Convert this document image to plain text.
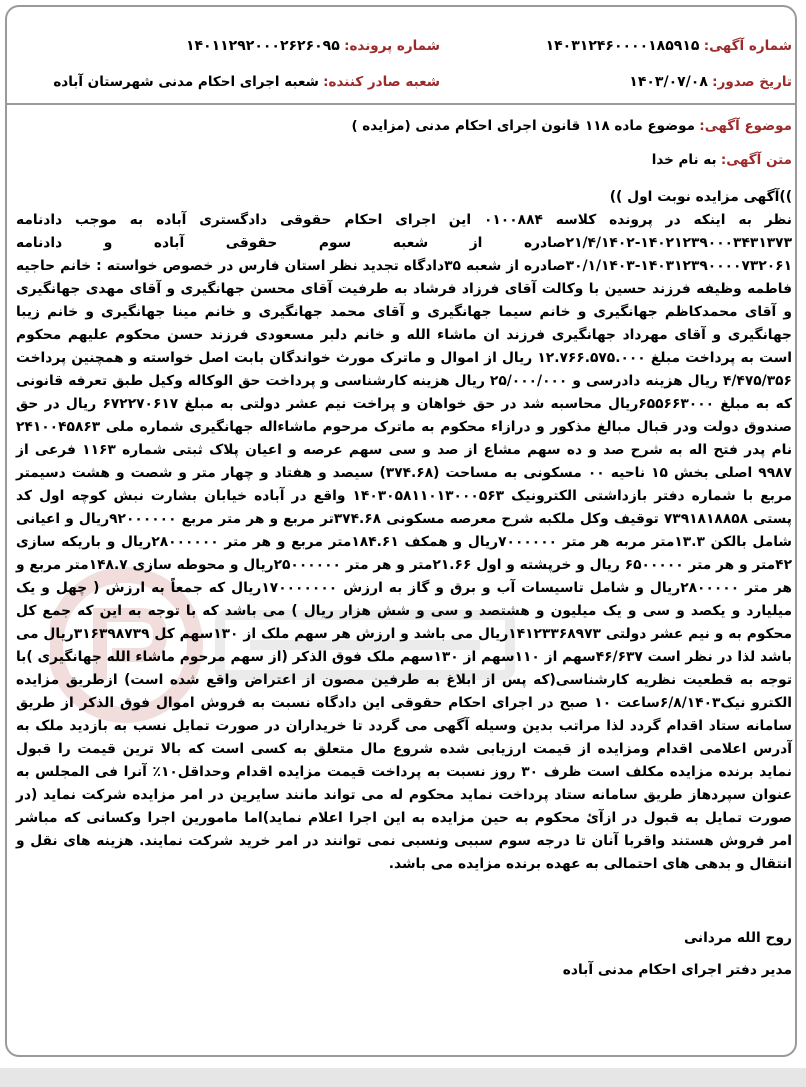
شماره آگهی: ۱۴۰۳۱۲۴۶۰۰۰۰۱۸۵۹۱۵
شماره پرونده: ۱۴۰۱۱۲۹۲۰۰۰۲۶۲۶۰۹۵
تاریخ صدور: ۱۴۰۳/۰۷/۰۸
شعبه صادر کننده: شعبه اجرای احکام مدنی شهرستان آباده
موضوع آگهی: موضوع ماده ۱۱۸ قانون اجرای احکام مدنی (مزایده )
متن آگهی: به نام خدا

))آگهی مزایده نوبت اول ))

نظر به اینکه در پرونده کلاسه ۰۱۰۰۸۸۴ این اجرای احکام حقوقی دادگستری آباده به موجب دادنامه ۱۴۰۲۱۲۳۹۰۰۰۳۴۳۱۳۷۳-۲۱/۴/۱۴۰۲صادره از شعبه سوم حقوقی آباده و دادنامه ۱۴۰۳۱۲۳۹۰۰۰۰۷۳۲۰۶۱-۳۰/۱/۱۴۰۳صادره از شعبه ۳۵دادگاه تجدید نظر استان فارس در خصوص خواسته : خانم حاجیه فاطمه وظیفه فرزند حسین با وکالت آقای فرزاد فرشاد به طرفیت آقای محسن جهانگیری و آقای مهدی جهانگیری و آقای محمدکاظم جهانگیری و خانم سیما جهانگیری و آقای محمد جهانگیری و خانم مینا جهانگیری و خانم زیبا جهانگیری و آقای مهرداد جهانگیری فرزند ان ماشاء الله و خانم دلبر مسعودی فرزند حسن محکوم علیهم محکوم است به پرداخت مبلغ ۱۲.۷۶۶.۵۷۵.۰۰۰ ریال از اموال و ماترک مورث خواندگان بابت اصل خواسته و همچنین پرداخت ۴/۴۷۵/۳۵۶ ریال هزینه دادرسی و ۲۵/۰۰۰/۰۰۰ ریال هزینه کارشناسی و پرداخت حق الوکاله وکیل طبق تعرفه قانونی که به مبلغ ۶۵۵۶۶۳۰۰۰ریال محاسبه شد در حق خواهان و پراخت نیم عشر دولتی به مبلغ ۶۷۲۲۷۰۶۱۷ ریال در حق صندوق دولت ودر قبال مبالغ مذکور و درازاء محکوم به ماترک مرحوم ماشاءاله جهانگیری شماره ملی ۲۴۱۰۰۴۵۸۶۳ نام پدر فتح اله به شرح صد و ده سهم مشاع از صد و سی سهم عرصه و اعیان پلاک ثبتی شماره ۱۱۶۳ فرعی از ۹۹۸۷ اصلی بخش ۱۵ ناحیه ۰۰ مسکونی به مساحت (۳۷۴.۶۸) سیصد و هفتاد و چهار متر و شصت و هشت دسیمتر مربع با شماره دفتر بازداشتی الکترونیک ۱۴۰۳۰۵۸۱۱۰۱۳۰۰۰۵۶۳ واقع در آباده خیابان بشارت نبش کوچه اول کد پستی ۷۳۹۱۸۱۸۸۵۸ توقیف وکل ملکبه شرح معرصه مسکونی ۳۷۴.۶۸تر مربع و هر متر مربع ۹۲۰۰۰۰۰۰ریال و اعیانی شامل بالکن ۱۳.۳متر مربه هر متر ۷۰۰۰۰۰۰ریال و همکف ۱۸۴.۶۱متر مربع و هر متر ۲۸۰۰۰۰۰۰ریال و باریکه سازی ۴۲متر و هر متر ۶۵۰۰۰۰۰ ریال و خرپشته و اول ۲۱.۶۶متر و هر متر ۲۵۰۰۰۰۰۰ریال و محوطه سازی ۱۴۸.۷متر مربع و هر متر ۲۸۰۰۰۰۰ریال و شامل تاسیسات آب و برق و گاز به ارزش ۱۷۰۰۰۰۰۰۰ریال که جمعاً به ارزش ( چهل و یک میلیارد و یکصد و سی و یک میلیون و هشتصد و سی و شش هزار ریال ) می باشد که با توجه به این که جمع کل محکوم به و نیم عشر دولتی ۱۴۱۲۳۳۶۸۹۷۳ریال می باشد و ارزش هر سهم ملک از ۱۳۰سهم کل ۳۱۶۳۹۸۷۳۹ریال می باشد لذا در نظر است ۴۶/۶۳۷سهم از ۱۱۰سهم از ۱۳۰سهم ملک فوق الذکر (از سهم مرحوم ماشاء الله جهانگیری )با توجه به قطعیت نظریه کارشناسی(که پس از ابلاغ به طرفین مصون از اعتراض واقع شده است) ازطریق مزایده الکترو نیک۶/۸/۱۴۰۳ساعت ۱۰ صبح در اجرای احکام حقوقی این دادگاه نسبت به فروش اموال فوق الذکر از طریق سامانه ستاد اقدام گردد لذا مراتب بدین وسیله آگهی می گردد تا خریداران در صورت تمایل نسب به بازدید ملک به آدرس اعلامی اقدام ومزایده از قیمت ارزیابی شده شروع مال متعلق به کسی است که بالا ترین قیمت را قبول نماید برنده مزایده مکلف است ظرف ۳۰ روز نسبت به پرداخت قیمت مزایده اقدام وحداقل۱۰٪ آنرا فی المجلس به عنوان سپردهاز طریق سامانه ستاد پرداخت نماید محکوم له می تواند مانند سایرین در امر مزایده شرکت نماید (در صورت تمایل به قبول در ازآئ محکوم به حین مزایده به این اجرا اعلام نماید)اما مامورین اجرا وکسانی که مباشر امر فروش هستند واقربا آنان تا درجه سوم سببی ونسبی نمی توانند در امر خرید شرکت نمایند. هزینه های نقل و انتقال و بدهی های احتمالی به عهده برنده مزایده می باشد.

روح الله مردانی
مدیر دفتر اجرای احکام مدنی آباده
